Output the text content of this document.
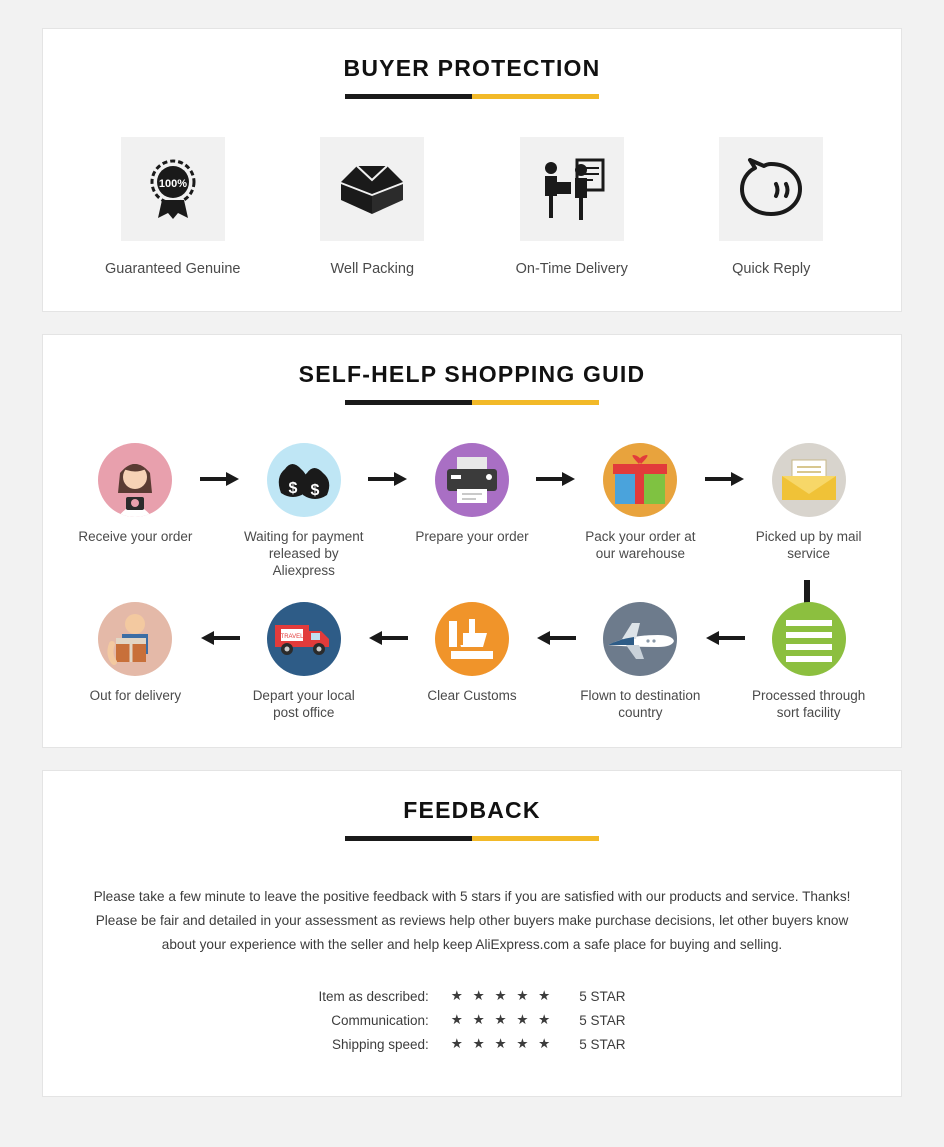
BUYER PROTECTION
100%
Guaranteed Genuine	Well Packing	On-Time Delivery	Quick Reply
SELF-HELP SHOPPING GUID
Receive your order
$ $
Waiting for payment released by Aliexpress
Prepare your order	Pack your order at our warehouse
Picked up by mail service
Out for delivery
TRAVEL
Depart your local post office
Clear Customs	Flown to destination country
Processed through sort facility
FEEDBACK

Please take a few minute to leave the positive feedback with 5 stars if you are satisfied with our products and service. Thanks! Please be fair and detailed in your assessment as reviews help other buyers make purchase decisions, let other buyers know about your experience with the seller and help keep AliExpress.com a safe place for buying and selling.

Item as described:	★ ★ ★ ★ ★	5 STAR
Communication:	★ ★ ★ ★ ★	5 STAR
Shipping speed:	★ ★ ★ ★ ★	5 STAR
